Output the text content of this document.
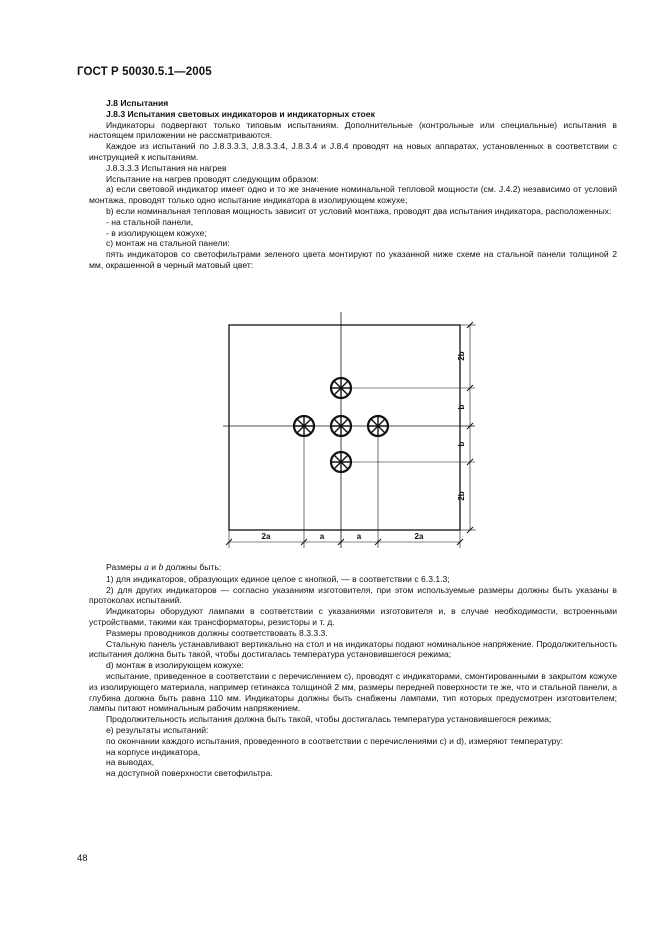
ГОСТ Р 50030.5.1—2005

J.8 Испытания

J.8.3 Испытания световых индикаторов и индикаторных стоек

Индикаторы подвергают только типовым испытаниям. Дополнительные (контрольные или специальные) испытания в настоящем приложении не рассматриваются.

Каждое из испытаний по J.8.3.3.3, J.8.3.3.4, J.8.3.4 и J.8.4 проводят на новых аппаратах, установленных в соответствии с инструкцией к испытаниям.

J.8.3.3.3 Испытания на нагрев

Испытание на нагрев проводят следующим образом:

а) если световой индикатор имеет одно и то же значение номинальной тепловой мощности (см. J.4.2) независимо от условий монтажа, проводят только одно испытание индикатора в изолирующем кожухе;

b) если номинальная тепловая мощность зависит от условий монтажа, проводят два испытания индикатора, расположенных:

- на стальной панели,

- в изолирующем кожухе;

с) монтаж на стальной панели:

пять индикаторов со светофильтрами зеленого цвета монтируют по указанной ниже схеме на стальной панели толщиной 2 мм, окрашенной в черный матовый цвет:

2a	a	a	2a
2b
b
b
2b

Размеры a и b должны быть:

1) для индикаторов, образующих единое целое с кнопкой, — в соответствии с 6.3.1.3;

2) для других индикаторов — согласно указаниям изготовителя, при этом используемые размеры должны быть указаны в протоколах испытаний.

Индикаторы оборудуют лампами в соответствии с указаниями изготовителя и, в случае необходимости, встроенными устройствами, такими как трансформаторы, резисторы и т. д.

Размеры проводников должны соответствовать 8.3.3.3.

Стальную панель устанавливают вертикально на стол и на индикаторы подают номинальное напряжение. Продолжительность испытания должна быть такой, чтобы достигалась температура установившегося режима;

d) монтаж в изолирующем кожухе:

испытание, приведенное в соответствии с перечислением с), проводят с индикаторами, смонтированными в закрытом кожухе из изолирующего материала, например гетинакса толщиной 2 мм, размеры передней поверхности те же, что и стальной панели, а глубина должна быть равна 110 мм. Индикаторы должны быть снабжены лампами, тип которых предусмотрен изготовителем; лампы питают номинальным рабочим напряжением.

Продолжительность испытания должна быть такой, чтобы достигалась температура установившегося режима;

е) результаты испытаний:

по окончании каждого испытания, проведенного в соответствии с перечислениями с) и d), измеряют температуру:

на корпусе индикатора,

на выводах,

на доступной поверхности светофильтра.

48
